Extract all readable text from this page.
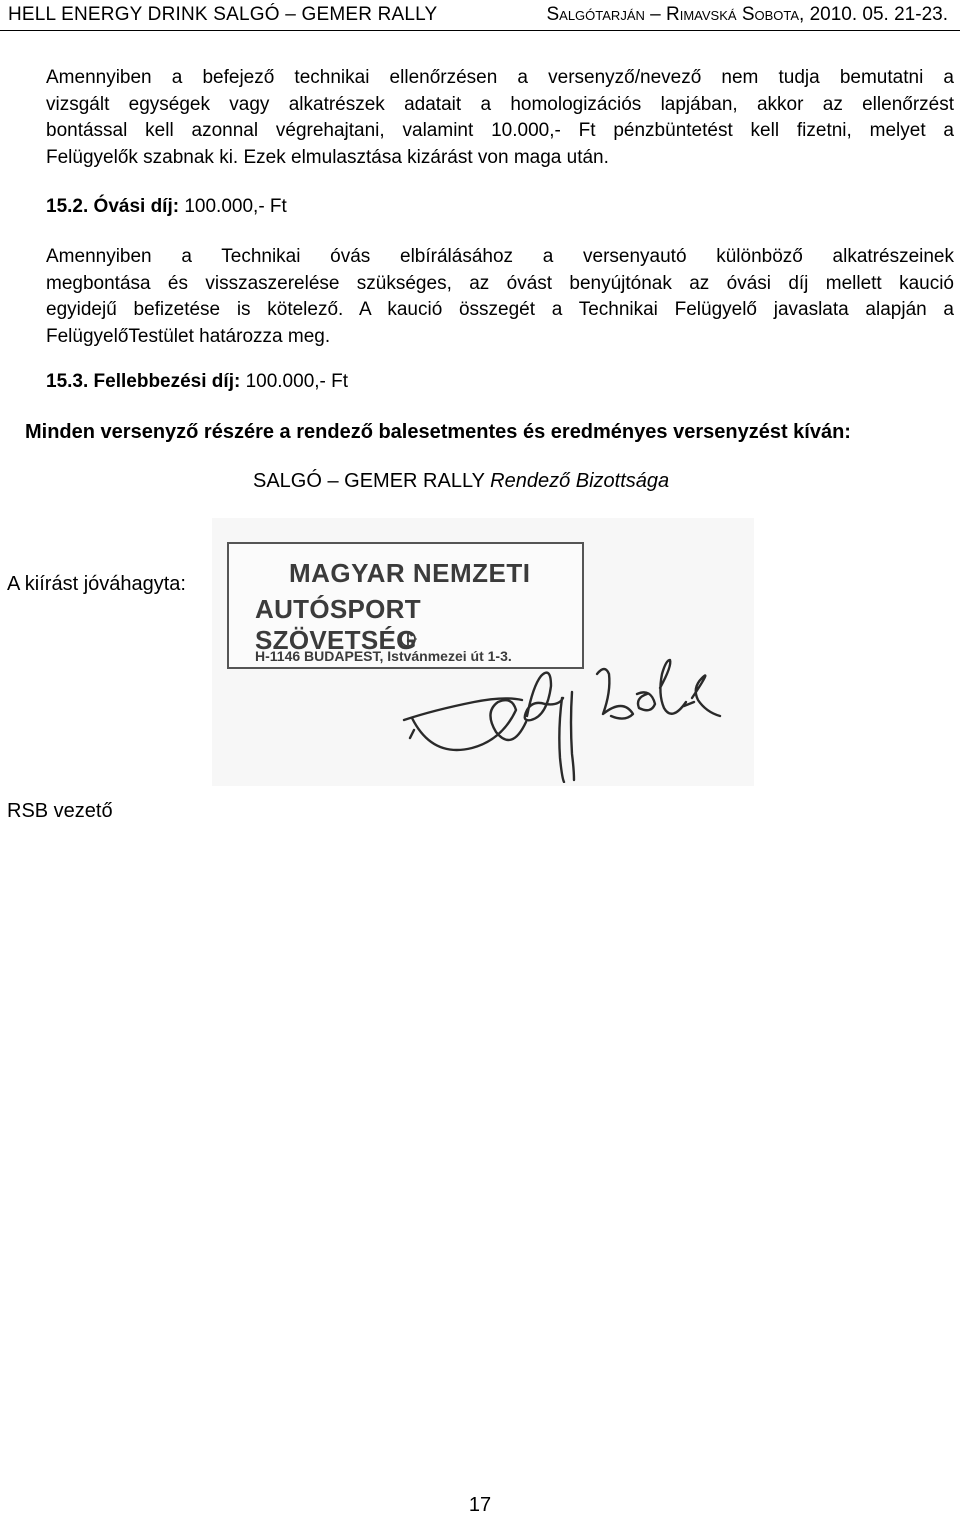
HELL ENERGY DRINK SALGÓ – GEMER RALLY	Salgótarján – Rimavská Sobota, 2010. 05. 21-23.
Amennyiben a befejező technikai ellenőrzésen a versenyző/nevező nem tudja bemutatni a
vizsgált egységek vagy alkatrészek adatait a homologizációs lapjában, akkor az ellenőrzést
bontással kell azonnal végrehajtani, valamint 10.000,- Ft pénzbüntetést kell fizetni, melyet a
Felügyelők szabnak ki. Ezek elmulasztása kizárást von maga után.
15.2. Óvási díj: 100.000,- Ft
Amennyiben a Technikai óvás elbírálásához a versenyautó különböző alkatrészeinek
megbontása és visszaszerelése szükséges, az óvást benyújtónak az óvási díj mellett kaució
egyidejű befizetése is kötelező. A kaució összegét a Technikai Felügyelő javaslata alapján a
FelügyelőTestület határozza meg.
15.3. Fellebbezési díj: 100.000,- Ft
Minden versenyző részére a rendező balesetmentes és eredményes versenyzést kíván:
SALGÓ – GEMER RALLY Rendező Bizottsága
A kiírást jóváhagyta:	MAGYAR NEMZETI
AUTÓSPORT SZÖVETSÉG
H-1146 BUDAPEST, Istvánmezei út 1-3.
RSB vezető
17
